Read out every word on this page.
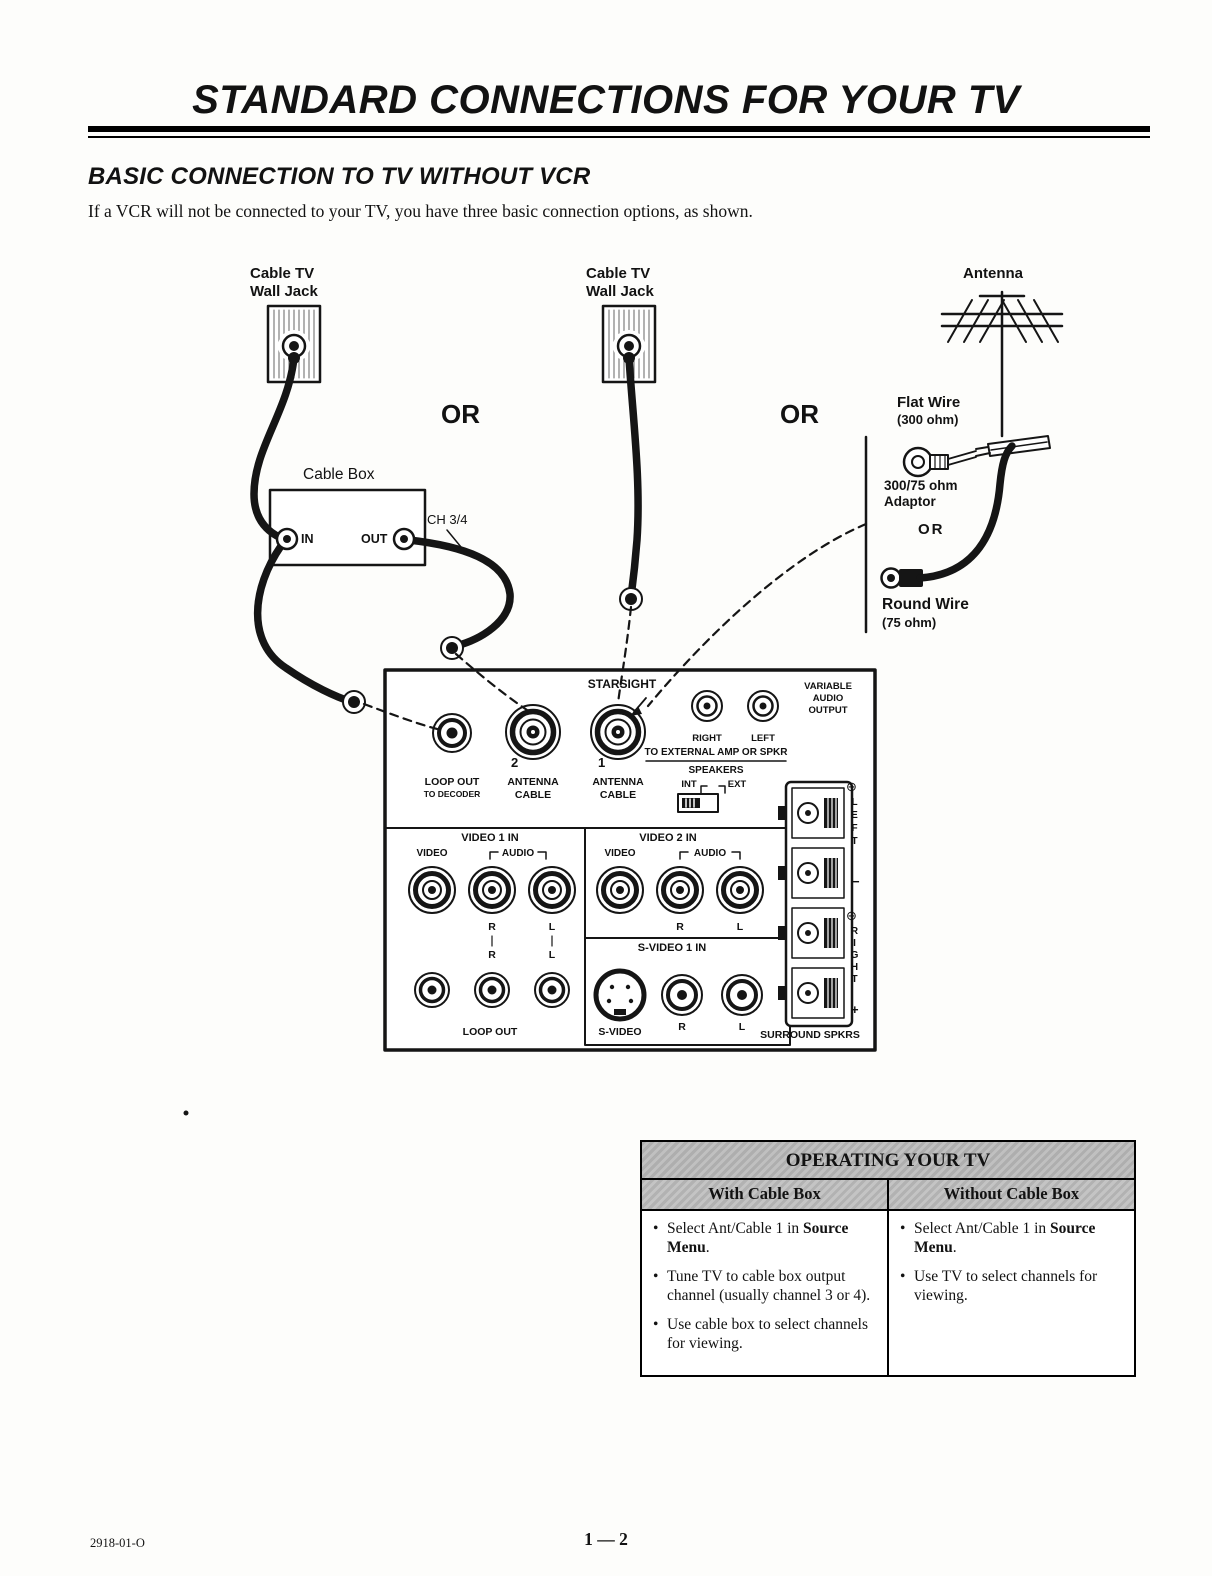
STANDARD CONNECTIONS FOR YOUR TV
BASIC CONNECTION TO TV WITHOUT VCR

If a VCR will not be connected to your TV, you have three basic connection options, as shown.

Cable TV
Wall Jack
Cable TV
Wall Jack
Antenna
OR	OR
Cable Box
IN	OUT
CH 3/4
Flat Wire
(300 ohm)
300/75 ohm
Adaptor
OR
Round Wire
(75 ohm)
STARSIGHT
RIGHT	LEFT
VARIABLE
AUDIO
OUTPUT
TO EXTERNAL AMP OR SPKR
SPEAKERS
INT	EXT
2	1
LOOP OUT
TO DECODER
ANTENNA
CABLE
ANTENNA
CABLE
VIDEO 1 IN
VIDEO	AUDIO
R	L
VIDEO 2 IN
VIDEO	AUDIO
R	L
R	L
S-VIDEO 1 IN
S-VIDEO	R	L
LOOP OUT	SURROUND SPKRS
⊕
LEFT
−
⊖
RIGHT
+
OPERATING YOUR TV
With Cable Box	Without Cable Box
• Select Ant/Cable 1 in Source Menu.
• Tune TV to cable box output channel (usually channel 3 or 4).
• Use cable box to select channels for viewing.
• Select Ant/Cable 1 in Source Menu.
• Use TV to select channels for viewing.
2918-01-O	1 — 2
